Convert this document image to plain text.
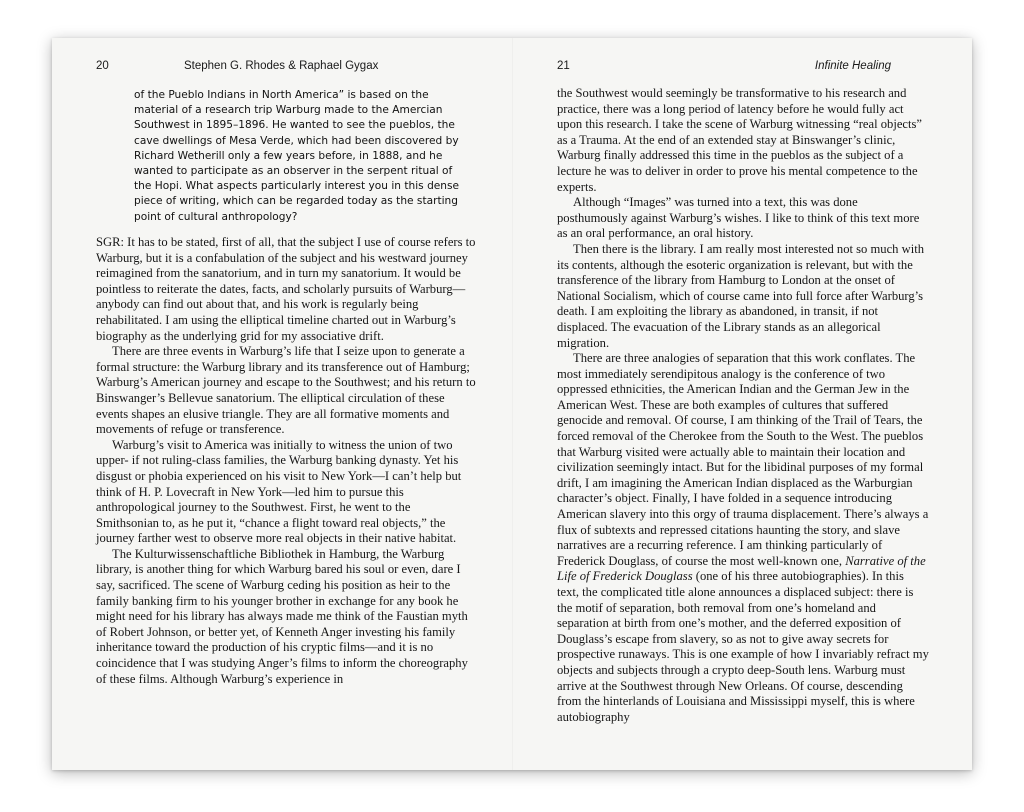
20	Stephen G. Rhodes & Raphael Gygax
of the Pueblo Indians in North America” is based on the material of a research trip Warburg made to the Amercian Southwest in 1895–1896. He wanted to see the pueblos, the cave dwellings of Mesa Verde, which had been discovered by Richard Wetherill only a few years before, in 1888, and he wanted to participate as an observer in the serpent ritual of the Hopi. What aspects particularly interest you in this dense piece of writing, which can be regarded today as the starting point of cultural anthropology?

SGR: It has to be stated, first of all, that the subject I use of course refers to Warburg, but it is a confabulation of the subject and his westward journey reimagined from the sanatorium, and in turn my sanatorium. It would be pointless to reiterate the dates, facts, and scholarly pursuits of Warburg—anybody can find out about that, and his work is regularly being rehabilitated. I am using the elliptical timeline charted out in Warburg’s biography as the underlying grid for my associative drift.

There are three events in Warburg’s life that I seize upon to generate a formal structure: the Warburg library and its transference out of Hamburg; Warburg’s American journey and escape to the Southwest; and his return to Binswanger’s Bellevue sanatorium. The elliptical circulation of these events shapes an elusive triangle. They are all formative moments and movements of refuge or transference.

Warburg’s visit to America was initially to witness the union of two upper- if not ruling-class families, the Warburg banking dynasty. Yet his disgust or phobia experienced on his visit to New York—I can’t help but think of H. P. Lovecraft in New York—led him to pursue this anthropological journey to the Southwest. First, he went to the Smithsonian to, as he put it, “chance a flight toward real objects,” the journey farther west to observe more real objects in their native habitat.

The Kulturwissenschaftliche Bibliothek in Hamburg, the Warburg library, is another thing for which Warburg bared his soul or even, dare I say, sacrificed. The scene of Warburg ceding his position as heir to the family banking firm to his younger brother in exchange for any book he might need for his library has always made me think of the Faustian myth of Robert Johnson, or better yet, of Kenneth Anger investing his family inheritance toward the production of his cryptic films—and it is no coincidence that I was studying Anger’s films to inform the choreography of these films. Although Warburg’s experience in

21	Infinite Healing

the Southwest would seemingly be transformative to his research and practice, there was a long period of latency before he would fully act upon this research. I take the scene of Warburg witnessing “real objects” as a Trauma. At the end of an extended stay at Binswanger’s clinic, Warburg finally addressed this time in the pueblos as the subject of a lecture he was to deliver in order to prove his mental competence to the experts.

Although “Images” was turned into a text, this was done posthumously against Warburg’s wishes. I like to think of this text more as an oral performance, an oral history.

Then there is the library. I am really most interested not so much with its contents, although the esoteric organization is relevant, but with the transference of the library from Hamburg to London at the onset of National Socialism, which of course came into full force after Warburg’s death. I am exploiting the library as abandoned, in transit, if not displaced. The evacuation of the Library stands as an allegorical migration.

There are three analogies of separation that this work conflates. The most immediately serendipitous analogy is the conference of two oppressed ethnicities, the American Indian and the German Jew in the American West. These are both examples of cultures that suffered genocide and removal. Of course, I am thinking of the Trail of Tears, the forced removal of the Cherokee from the South to the West. The pueblos that Warburg visited were actually able to maintain their location and civilization seemingly intact. But for the libidinal purposes of my formal drift, I am imagining the American Indian displaced as the Warburgian character’s object. Finally, I have folded in a sequence introducing American slavery into this orgy of trauma displacement. There’s always a flux of subtexts and repressed citations haunting the story, and slave narratives are a recurring reference. I am thinking particularly of Frederick Douglass, of course the most well-known one, Narrative of the Life of Frederick Douglass (one of his three autobiographies). In this text, the complicated title alone announces a displaced subject: there is the motif of separation, both removal from one’s homeland and separation at birth from one’s mother, and the deferred exposition of Douglass’s escape from slavery, so as not to give away secrets for prospective runaways. This is one example of how I invariably refract my objects and subjects through a crypto deep-South lens. Warburg must arrive at the Southwest through New Orleans. Of course, descending from the hinterlands of Louisiana and Mississippi myself, this is where autobiography
